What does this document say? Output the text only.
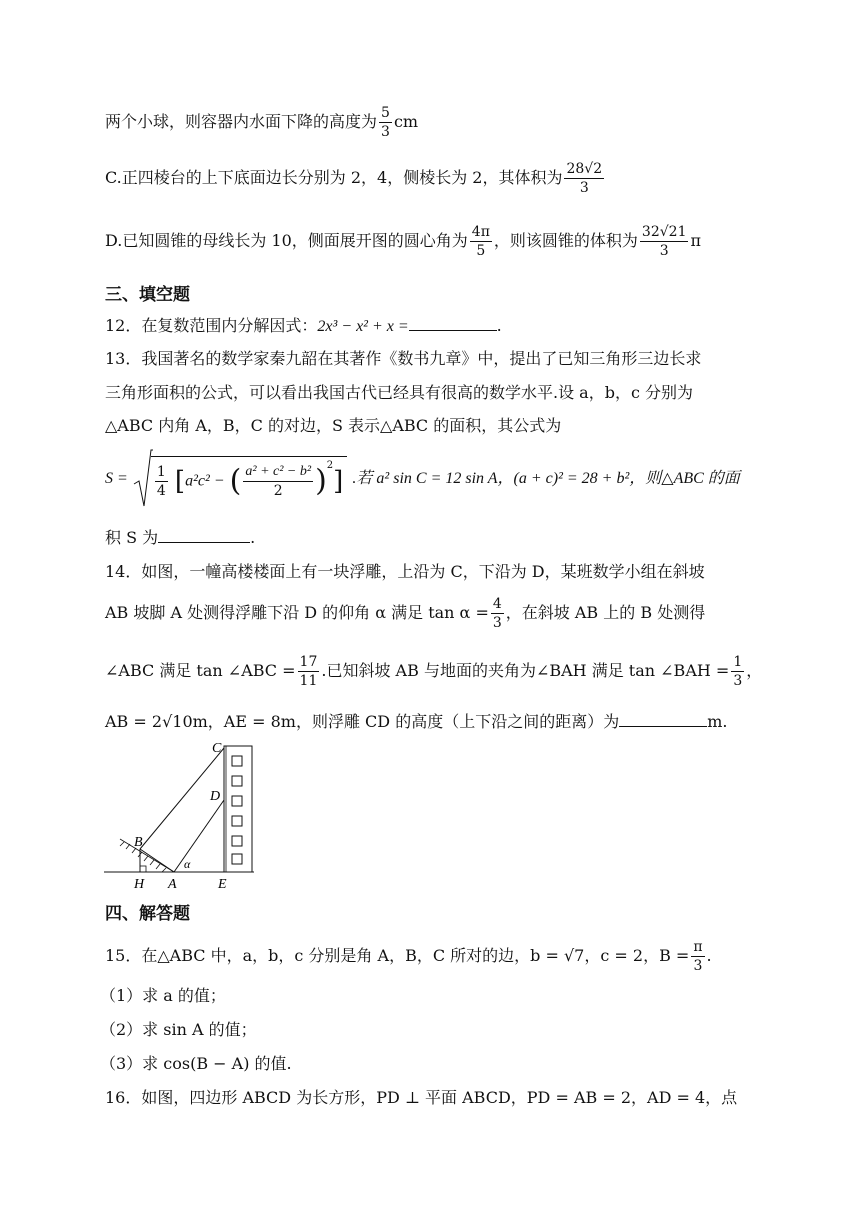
两个小球，则容器内水面下降的高度为 $\frac{5}{3}$ cm
C.正四棱台的上下底面边长分别为 2，4，侧棱长为 2，其体积为 $\frac{28√2}{3}$
D.已知圆锥的母线长为 10，侧面展开图的圆心角为 $\frac{4\pi}{5}$ ，则该圆锥的体积为 $\frac{32√21}{3}$ π
三、填空题
12．在复数范围内分解因式：2x³ − x² + x =	.
13．我国著名的数学家秦九韶在其著作《数书九章》中，提出了已知三角形三边长求
三角形面积的公式，可以看出我国古代已经具有很高的数学水平.设 a，b，c 分别为
△ABC 内角 A，B，C 的对边，S 表示△ABC 的面积，其公式为
$S = \frac{1}{4} [a^2c^2$ − ( $\frac{\text{a² + c² − b²}}{2} )^2$] .若 a² sin C = 12 sin A，(a + c)² = 28 + b²，则△ABC 的面
积 S 为	.
14．如图，一幢高楼楼面上有一块浮雕，上沿为 C，下沿为 D，某班数学小组在斜坡
AB 坡脚 A 处测得浮雕下沿 D 的仰角 α 满足 $\tan \alpha = \frac{4}{3}$ ，在斜坡 AB 上的 B 处测得
∠ABC 满足 tan ∠ABC = $\frac{17}{11}$ .已知斜坡 AB 与地面的夹角为∠BAH 满足 tan ∠BAH = $\frac{1}{3}$ ，
AB = 2√10m，AE = 8m，则浮雕 CD 的高度（上下沿之间的距离）为	m.
C
D
B
α
H A	E
四、解答题
15．在△ABC 中，a，b，c 分别是角 A，B，C 所对的边，b = √7，c = 2，$B = \frac{\pi}{3}$ .
（1）求 a 的值；
（2）求 sin A 的值；
（3）求 cos(B − A) 的值.
16．如图，四边形 ABCD 为长方形，PD ⊥ 平面 ABCD，PD = AB = 2，AD = 4，点
